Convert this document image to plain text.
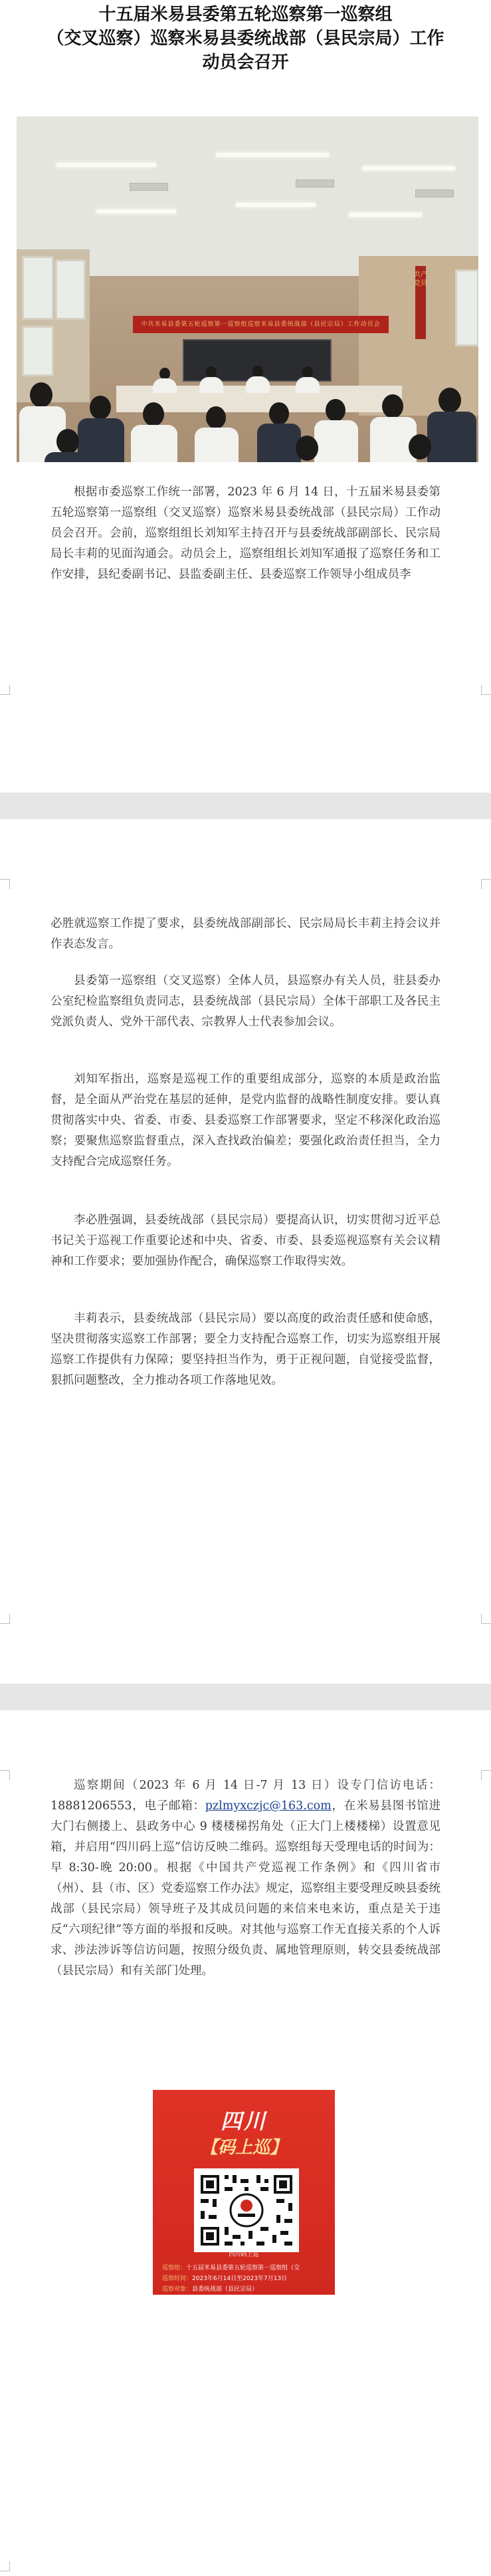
十五届米易县委第五轮巡察第一巡察组
（交叉巡察）巡察米易县委统战部（县民宗局）工作
动员会召开
共产党员
中共米易县委第五轮巡察第一巡察组巡察米易县委统战部（县民宗局）工作动员会

根据市委巡察工作统一部署，2023 年 6 月 14 日，十五届米易县委第五轮巡察第一巡察组（交叉巡察）巡察米易县委统战部（县民宗局）工作动员会召开。会前，巡察组组长刘知军主持召开与县委统战部副部长、民宗局局长丰莉的见面沟通会。动员会上，巡察组组长刘知军通报了巡察任务和工作安排，县纪委副书记、县监委副主任、县委巡察工作领导小组成员李

必胜就巡察工作提了要求，县委统战部副部长、民宗局局长丰莉主持会议并作表态发言。

县委第一巡察组（交叉巡察）全体人员，县巡察办有关人员，驻县委办公室纪检监察组负责同志，县委统战部（县民宗局）全体干部职工及各民主党派负责人、党外干部代表、宗教界人士代表参加会议。

刘知军指出，巡察是巡视工作的重要组成部分，巡察的本质是政治监督，是全面从严治党在基层的延伸，是党内监督的战略性制度安排。要认真贯彻落实中央、省委、市委、县委巡察工作部署要求，坚定不移深化政治巡察；要聚焦巡察监督重点，深入查找政治偏差；要强化政治责任担当，全力支持配合完成巡察任务。

李必胜强调，县委统战部（县民宗局）要提高认识，切实贯彻习近平总书记关于巡视工作重要论述和中央、省委、市委、县委巡视巡察有关会议精神和工作要求；要加强协作配合，确保巡察工作取得实效。

丰莉表示，县委统战部（县民宗局）要以高度的政治责任感和使命感，坚决贯彻落实巡察工作部署；要全力支持配合巡察工作，切实为巡察组开展巡察工作提供有力保障；要坚持担当作为，勇于正视问题，自觉接受监督，狠抓问题整改，全力推动各项工作落地见效。

巡察期间（2023 年 6 月 14 日-7 月 13 日）设专门信访电话：18881206553，电子邮箱：pzlmyxczjc@163.com，在米易县图书馆进大门右侧搂上、县政务中心 9 楼楼梯拐角处（正大门上楼楼梯）设置意见箱，并启用“四川码上巡”信访反映二维码。巡察组每天受理电话的时间为：早 8:30-晚 20:00。根据《中国共产党巡视工作条例》和《四川省市（州）、县（市、区）党委巡察工作办法》规定，巡察组主要受理反映县委统战部（县民宗局）领导班子及其成员问题的来信来电来访，重点是关于违反“六项纪律”等方面的举报和反映。对其他与巡察工作无直接关系的个人诉求、涉法涉诉等信访问题，按照分级负责、属地管理原则，转交县委统战部（县民宗局）和有关部门处理。

四川
【码上巡】
四川码上巡
巡察组：十五届米易县委第五轮巡察第一巡察组（交
巡察时间：2023年6月14日至2023年7月13日
巡察对象：县委统战部（县民宗局）
